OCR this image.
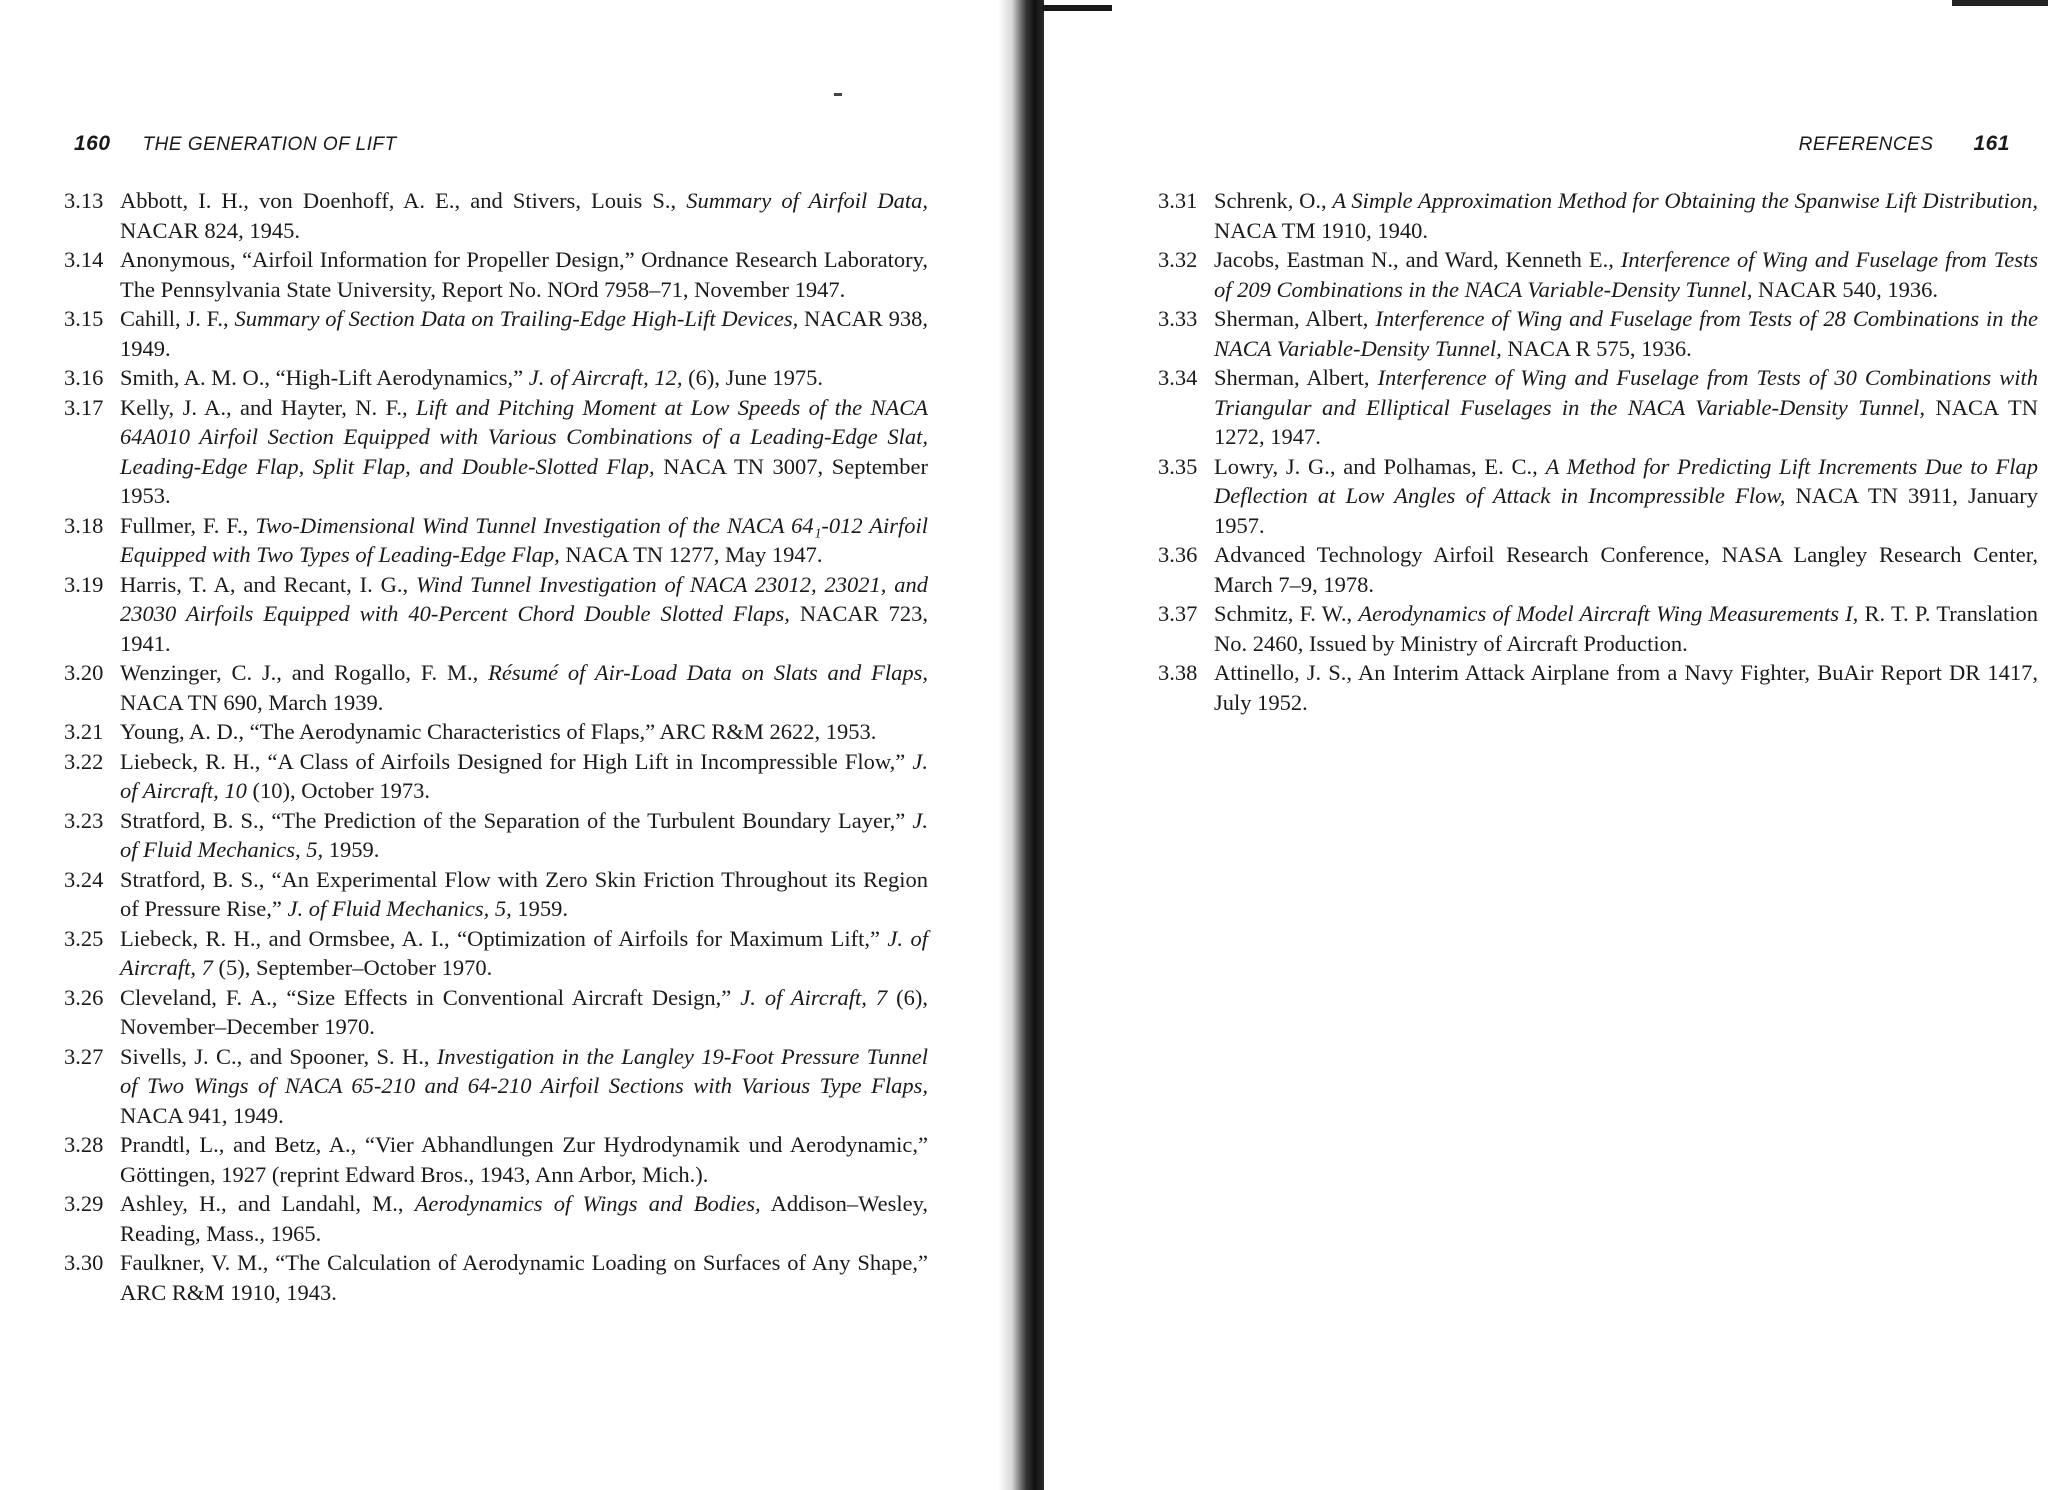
160 THE GENERATION OF LIFT
3.13 Abbott, I. H., von Doenhoff, A. E., and Stivers, Louis S., Summary of Airfoil Data, NACAR 824, 1945.
3.14 Anonymous, “Airfoil Information for Propeller Design,” Ordnance Research Laboratory, The Pennsylvania State University, Report No. NOrd 7958–71, November 1947.
3.15 Cahill, J. F., Summary of Section Data on Trailing-Edge High-Lift Devices, NACAR 938, 1949.
3.16 Smith, A. M. O., “High-Lift Aerodynamics,” J. of Aircraft, 12, (6), June 1975.
3.17 Kelly, J. A., and Hayter, N. F., Lift and Pitching Moment at Low Speeds of the NACA 64A010 Airfoil Section Equipped with Various Combinations of a Leading-Edge Slat, Leading-Edge Flap, Split Flap, and Double-Slotted Flap, NACA TN 3007, September 1953.
3.18 Fullmer, F. F., Two-Dimensional Wind Tunnel Investigation of the NACA 64₁-012 Airfoil Equipped with Two Types of Leading-Edge Flap, NACA TN 1277, May 1947.
3.19 Harris, T. A, and Recant, I. G., Wind Tunnel Investigation of NACA 23012, 23021, and 23030 Airfoils Equipped with 40-Percent Chord Double Slotted Flaps, NACAR 723, 1941.
3.20 Wenzinger, C. J., and Rogallo, F. M., Résumé of Air-Load Data on Slats and Flaps, NACA TN 690, March 1939.
3.21 Young, A. D., “The Aerodynamic Characteristics of Flaps,” ARC R&M 2622, 1953.
3.22 Liebeck, R. H., “A Class of Airfoils Designed for High Lift in Incompressible Flow,” J. of Aircraft, 10 (10), October 1973.
3.23 Stratford, B. S., “The Prediction of the Separation of the Turbulent Boundary Layer,” J. of Fluid Mechanics, 5, 1959.
3.24 Stratford, B. S., “An Experimental Flow with Zero Skin Friction Throughout its Region of Pressure Rise,” J. of Fluid Mechanics, 5, 1959.
3.25 Liebeck, R. H., and Ormsbee, A. I., “Optimization of Airfoils for Maximum Lift,” J. of Aircraft, 7 (5), September–October 1970.
3.26 Cleveland, F. A., “Size Effects in Conventional Aircraft Design,” J. of Aircraft, 7 (6), November–December 1970.
3.27 Sivells, J. C., and Spooner, S. H., Investigation in the Langley 19-Foot Pressure Tunnel of Two Wings of NACA 65-210 and 64-210 Airfoil Sections with Various Type Flaps, NACA 941, 1949.
3.28 Prandtl, L., and Betz, A., “Vier Abhandlungen Zur Hydrodynamik und Aerodynamic,” Göttingen, 1927 (reprint Edward Bros., 1943, Ann Arbor, Mich.).
3.29 Ashley, H., and Landahl, M., Aerodynamics of Wings and Bodies, Addison–Wesley, Reading, Mass., 1965.
3.30 Faulkner, V. M., “The Calculation of Aerodynamic Loading on Surfaces of Any Shape,” ARC R&M 1910, 1943.
REFERENCES 161
3.31 Schrenk, O., A Simple Approximation Method for Obtaining the Spanwise Lift Distribution, NACA TM 1910, 1940.
3.32 Jacobs, Eastman N., and Ward, Kenneth E., Interference of Wing and Fuselage from Tests of 209 Combinations in the NACA Variable-Density Tunnel, NACAR 540, 1936.
3.33 Sherman, Albert, Interference of Wing and Fuselage from Tests of 28 Combinations in the NACA Variable-Density Tunnel, NACA R 575, 1936.
3.34 Sherman, Albert, Interference of Wing and Fuselage from Tests of 30 Combinations with Triangular and Elliptical Fuselages in the NACA Variable-Density Tunnel, NACA TN 1272, 1947.
3.35 Lowry, J. G., and Polhamas, E. C., A Method for Predicting Lift Increments Due to Flap Deflection at Low Angles of Attack in Incompressible Flow, NACA TN 3911, January 1957.
3.36 Advanced Technology Airfoil Research Conference, NASA Langley Research Center, March 7–9, 1978.
3.37 Schmitz, F. W., Aerodynamics of Model Aircraft Wing Measurements I, R. T. P. Translation No. 2460, Issued by Ministry of Aircraft Production.
3.38 Attinello, J. S., An Interim Attack Airplane from a Navy Fighter, BuAir Report DR 1417, July 1952.
